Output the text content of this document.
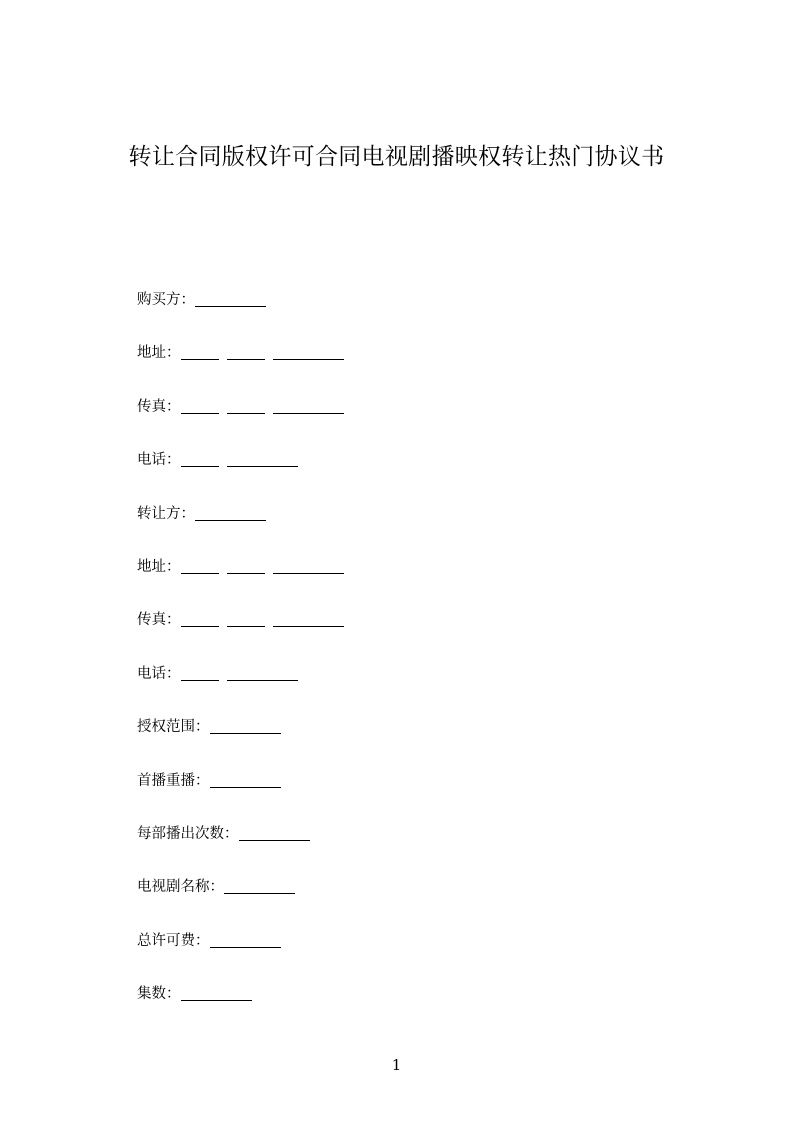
转让合同版权许可合同电视剧播映权转让热门协议书
购买方：
地址：
传真：
电话：
转让方：
地址：
传真：
电话：
授权范围：
首播重播：
每部播出次数：
电视剧名称：
总许可费：
集数：
1
